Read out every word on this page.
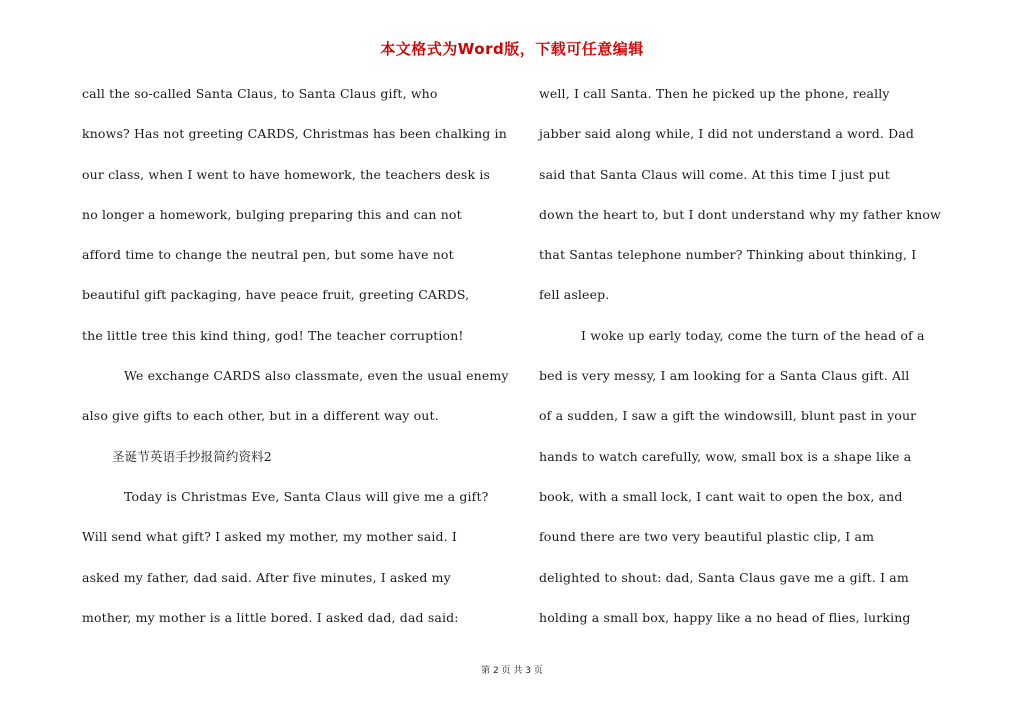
本文格式为Word版，下载可任意编辑
call the so-called Santa Claus, to Santa Claus gift, who
knows? Has not greeting CARDS, Christmas has been chalking in
our class, when I went to have homework, the teachers desk is
no longer a homework, bulging preparing this and can not
afford time to change the neutral pen, but some have not
beautiful gift packaging, have peace fruit, greeting CARDS,
the little tree this kind thing, god! The teacher corruption!
We exchange CARDS also classmate, even the usual enemy
also give gifts to each other, but in a different way out.
圣诞节英语手抄报简约资料2
Today is Christmas Eve, Santa Claus will give me a gift?
Will send what gift? I asked my mother, my mother said. I
asked my father, dad said. After five minutes, I asked my
mother, my mother is a little bored. I asked dad, dad said:
well, I call Santa. Then he picked up the phone, really
jabber said along while, I did not understand a word. Dad
said that Santa Claus will come. At this time I just put
down the heart to, but I dont understand why my father know
that Santas telephone number? Thinking about thinking, I
fell asleep.
I woke up early today, come the turn of the head of a
bed is very messy, I am looking for a Santa Claus gift. All
of a sudden, I saw a gift the windowsill, blunt past in your
hands to watch carefully, wow, small box is a shape like a
book, with a small lock, I cant wait to open the box, and
found there are two very beautiful plastic clip, I am
delighted to shout: dad, Santa Claus gave me a gift. I am
holding a small box, happy like a no head of flies, lurking
第 2 页 共 3 页
